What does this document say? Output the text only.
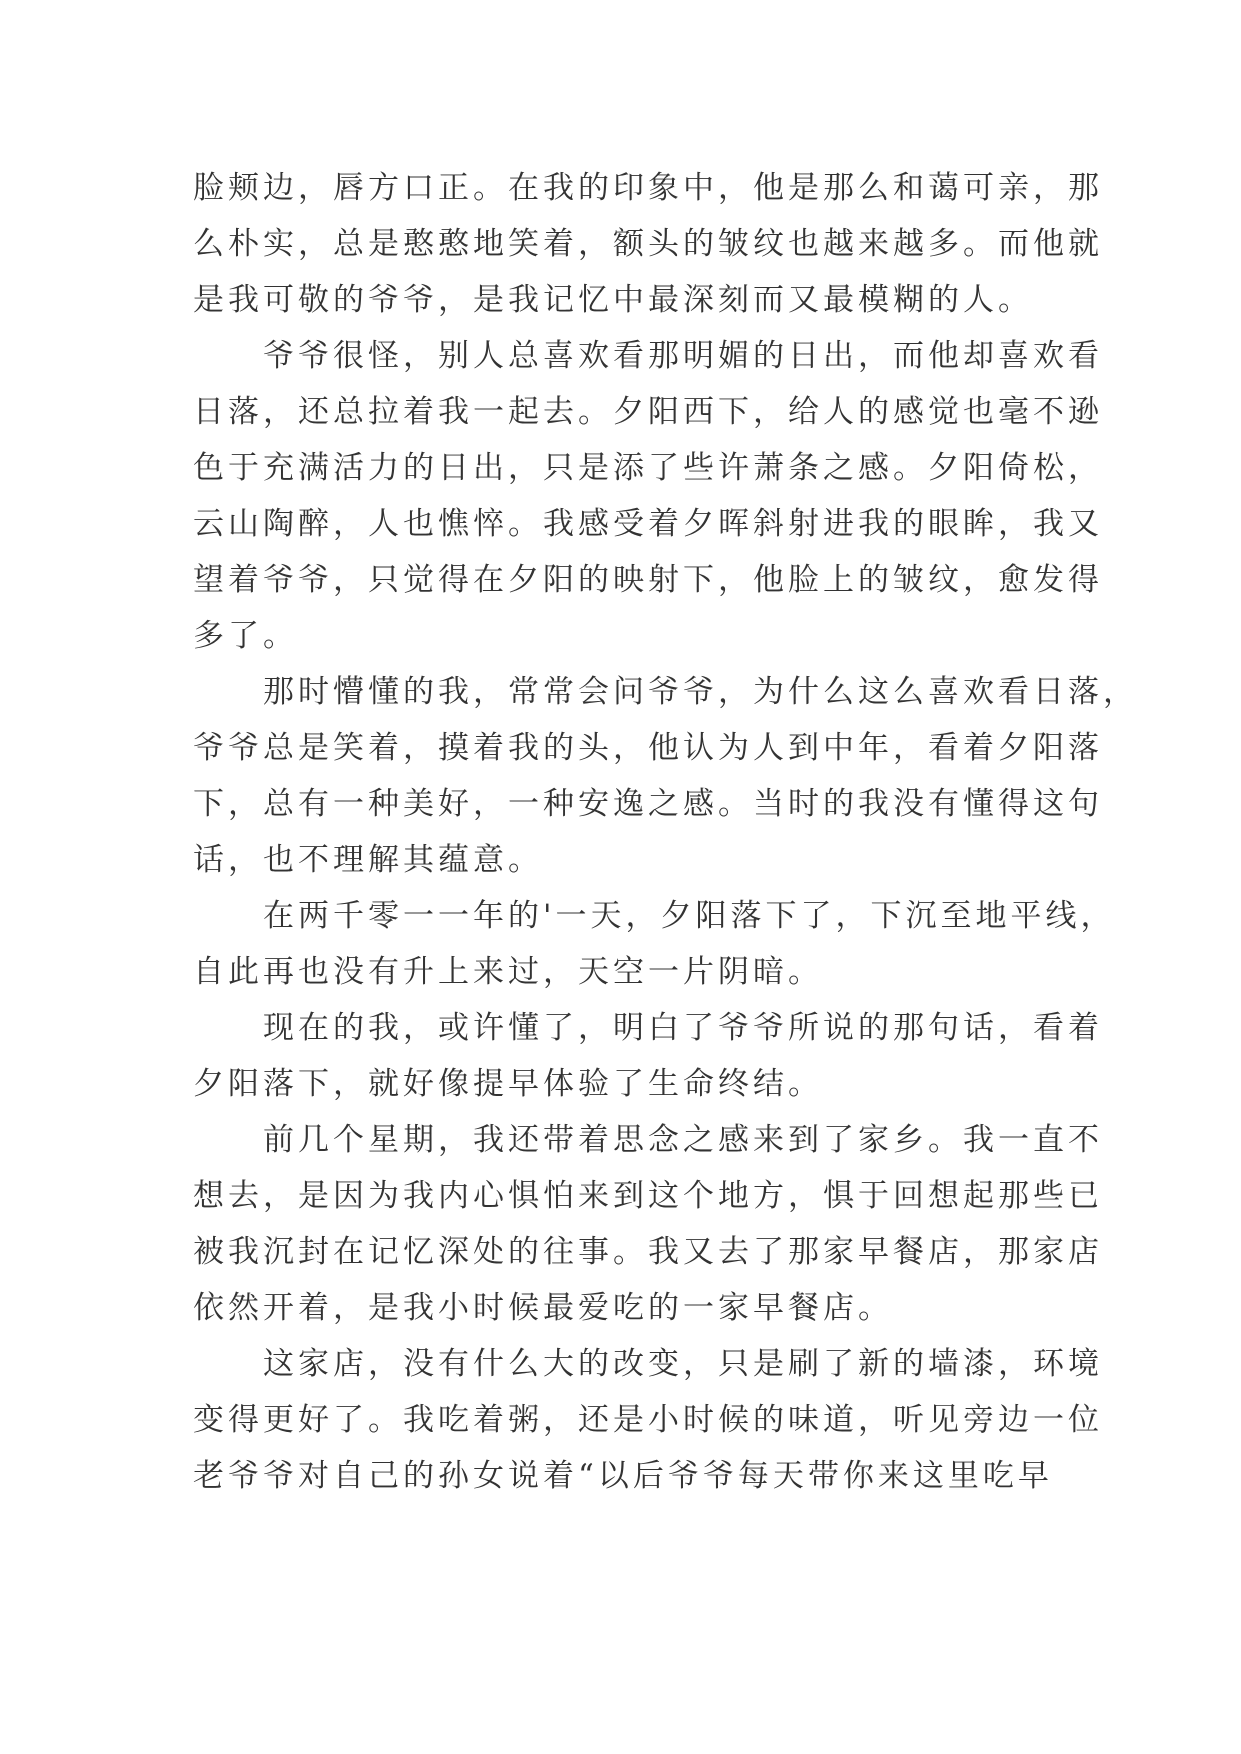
脸颊边，唇方口正。在我的印象中，他是那么和蔼可亲，那
么朴实，总是憨憨地笑着，额头的皱纹也越来越多。而他就
是我可敬的爷爷，是我记忆中最深刻而又最模糊的人。
爷爷很怪，别人总喜欢看那明媚的日出，而他却喜欢看
日落，还总拉着我一起去。夕阳西下，给人的感觉也毫不逊
色于充满活力的日出，只是添了些许萧条之感。夕阳倚松，
云山陶醉，人也憔悴。我感受着夕晖斜射进我的眼眸，我又
望着爷爷，只觉得在夕阳的映射下，他脸上的皱纹，愈发得
多了。
那时懵懂的我，常常会问爷爷，为什么这么喜欢看日落，
爷爷总是笑着，摸着我的头，他认为人到中年，看着夕阳落
下，总有一种美好，一种安逸之感。当时的我没有懂得这句
话，也不理解其蕴意。
在两千零一一年的'一天，夕阳落下了，下沉至地平线，
自此再也没有升上来过，天空一片阴暗。
现在的我，或许懂了，明白了爷爷所说的那句话，看着
夕阳落下，就好像提早体验了生命终结。
前几个星期，我还带着思念之感来到了家乡。我一直不
想去，是因为我内心惧怕来到这个地方，惧于回想起那些已
被我沉封在记忆深处的往事。我又去了那家早餐店，那家店
依然开着，是我小时候最爱吃的一家早餐店。
这家店，没有什么大的改变，只是刷了新的墙漆，环境
变得更好了。我吃着粥，还是小时候的味道，听见旁边一位
老爷爷对自己的孙女说着“以后爷爷每天带你来这里吃早
